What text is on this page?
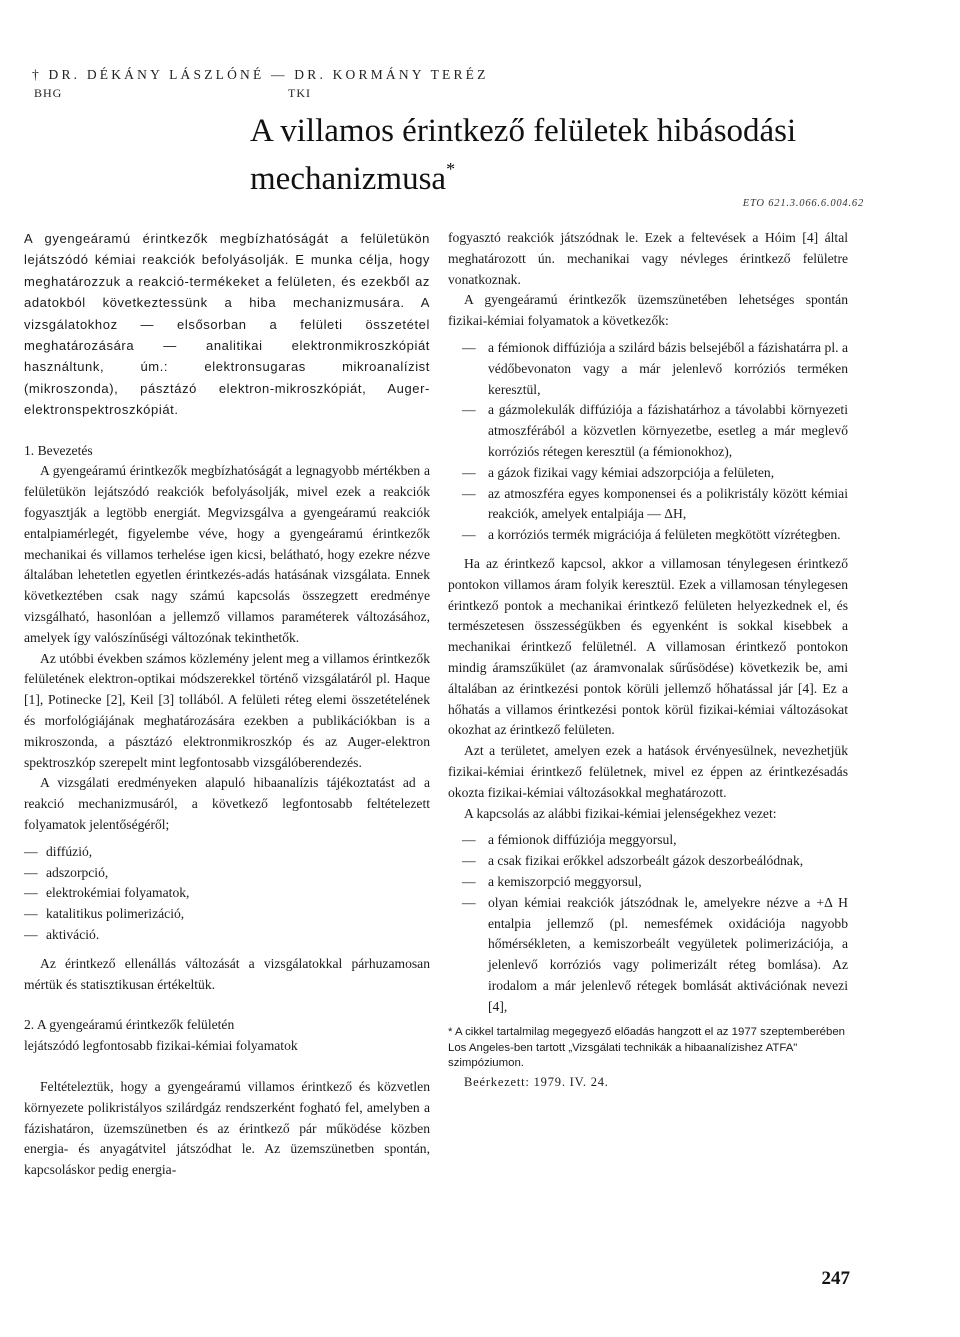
† DR. DÉKÁNY LÁSZLÓNÉ — DR. KORMÁNY TERÉZ
BHG	TKI
A villamos érintkező felületek hibásodási
mechanizmusa*
ETO 621.3.066.6.004.62

A gyengeáramú érintkezők megbízhatóságát a felületükön lejátszódó kémiai reakciók befolyásolják. E munka célja, hogy meghatározzuk a reakció-termékeket a felületen, és ezekből az adatokból következtessünk a hiba mechanizmusára. A vizsgálatokhoz — elsősorban a felületi összetétel meghatározására — analitikai elektronmikroszkópiát használtunk, úm.: elektronsugaras mikroanalízist (mikroszonda), pásztázó elektron-mikroszkópiát, Auger-elektronspektroszkópiát.

1. Bevezetés

A gyengeáramú érintkezők megbízhatóságát a legnagyobb mértékben a felületükön lejátszódó reakciók befolyásolják, mivel ezek a reakciók fogyasztják a legtöbb energiát. Megvizsgálva a gyengeáramú reakciók entalpiamérlegét, figyelembe véve, hogy a gyengeáramú érintkezők mechanikai és villamos terhelése igen kicsi, belátható, hogy ezekre nézve általában lehetetlen egyetlen érintkezés-adás hatásának vizsgálata. Ennek következtében csak nagy számú kapcsolás összegzett eredménye vizsgálható, hasonlóan a jellemző villamos paraméterek változásához, amelyek így valószínűségi változónak tekinthetők.

Az utóbbi években számos közlemény jelent meg a villamos érintkezők felületének elektron-optikai módszerekkel történő vizsgálatáról pl. Haque [1], Potinecke [2], Keil [3] tollából. A felületi réteg elemi összetételének és morfológiájának meghatározására ezekben a publikációkban is a mikroszonda, a pásztázó elektronmikroszkóp és az Auger-elektron spektroszkóp szerepelt mint legfontosabb vizsgálóberendezés.

A vizsgálati eredményeken alapuló hibaanalízis tájékoztatást ad a reakció mechanizmusáról, a következő legfontosabb feltételezett folyamatok jelentőségéről;

— diffúzió,
— adszorpció,
— elektrokémiai folyamatok,
— katalitikus polimerizáció,
— aktiváció.

Az érintkező ellenállás változását a vizsgálatokkal párhuzamosan mértük és statisztikusan értékeltük.

2. A gyengeáramú érintkezők felületén
lejátszódó legfontosabb fizikai-kémiai folyamatok

Feltételeztük, hogy a gyengeáramú villamos érintkező és közvetlen környezete polikristályos szilárdgáz rendszerként fogható fel, amelyben a fázishatáron, üzemszünetben és az érintkező pár működése közben energia- és anyagátvitel játszódhat le. Az üzemszünetben spontán, kapcsoláskor pedig energia-

fogyasztó reakciók játszódnak le. Ezek a feltevések a Hóim [4] által meghatározott ún. mechanikai vagy névleges érintkező felületre vonatkoznak.

A gyengeáramú érintkezők üzemszünetében lehetséges spontán fizikai-kémiai folyamatok a következők:

— a fémionok diffúziója a szilárd bázis belsejéből a fázishatárra pl. a védőbevonaton vagy a már jelenlevő korróziós terméken keresztül,
— a gázmolekulák diffúziója a fázishatárhoz a távolabbi környezeti atmoszférából a közvetlen környezetbe, esetleg a már meglevő korróziós rétegen keresztül (a fémionokhoz),
— a gázok fizikai vagy kémiai adszorpciója a felületen,
— az atmoszféra egyes komponensei és a polikristály között kémiai reakciók, amelyek entalpiája — ΔH,
— a korróziós termék migrációja á felületen megkötött vízrétegben.

Ha az érintkező kapcsol, akkor a villamosan ténylegesen érintkező pontokon villamos áram folyik keresztül. Ezek a villamosan ténylegesen érintkező pontok a mechanikai érintkező felületen helyezkednek el, és természetesen összességükben és egyenként is sokkal kisebbek a mechanikai érintkező felületnél. A villamosan érintkező pontokon mindig áramszűkület (az áramvonalak sűrűsödése) következik be, ami általában az érintkezési pontok körüli jellemző hőhatással jár [4]. Ez a hőhatás a villamos érintkezési pontok körül fizikai-kémiai változásokat okozhat az érintkező felületen.

Azt a területet, amelyen ezek a hatások érvényesülnek, nevezhetjük fizikai-kémiai érintkező felületnek, mivel ez éppen az érintkezésadás okozta fizikai-kémiai változásokkal meghatározott.

A kapcsolás az alábbi fizikai-kémiai jelenségekhez vezet:

— a fémionok diffúziója meggyorsul,
— a csak fizikai erőkkel adszorbeált gázok deszorbeálódnak,
— a kemiszorpció meggyorsul,
— olyan kémiai reakciók játszódnak le, amelyekre nézve a +Δ H entalpia jellemző (pl. nemesfémek oxidációja nagyobb hőmérsékleten, a kemiszorbeált vegyületek polimerizációja, a jelenlevő korróziós vagy polimerizált réteg bomlása). Az irodalom a már jelenlevő rétegek bomlását aktivációnak nevezi [4],

* A cikkel tartalmilag megegyező előadás hangzott el az 1977 szeptemberében Los Angeles-ben tartott „Vizsgálati technikák a hibaanalízishez ATFA" szimpóziumon.

Beérkezett: 1979. IV. 24.

247
